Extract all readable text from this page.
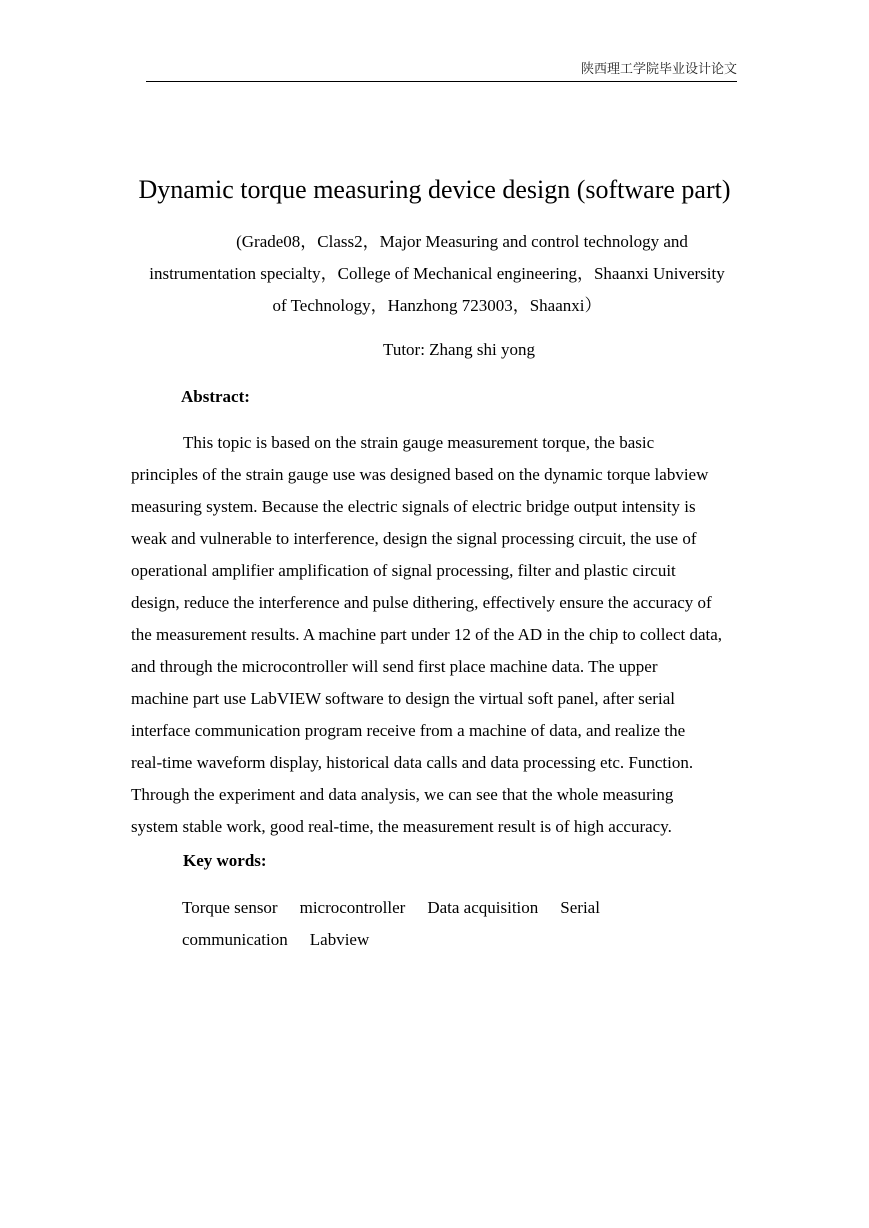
陕西理工学院毕业设计论文
Dynamic torque measuring device design (software part)
(Grade08，Class2，Major Measuring and control technology and
instrumentation specialty，College of Mechanical engineering，Shaanxi University
of Technology，Hanzhong 723003，Shaanxi）
Tutor: Zhang shi yong
Abstract:
This topic is based on the strain gauge measurement torque, the basic
principles of the strain gauge use was designed based on the dynamic torque labview
measuring system. Because the electric signals of electric bridge output intensity is
weak and vulnerable to interference, design the signal processing circuit, the use of
operational amplifier amplification of signal processing, filter and plastic circuit
design, reduce the interference and pulse dithering, effectively ensure the accuracy of
the measurement results. A machine part under 12 of the AD in the chip to collect data,
and through the microcontroller will send first place machine data. The upper
machine part use LabVIEW software to design the virtual soft panel, after serial
interface communication program receive from a machine of data, and realize the
real-time waveform display, historical data calls and data processing etc. Function.
Through the experiment and data analysis, we can see that the whole measuring
system stable work, good real-time, the measurement result is of high accuracy.
Key words:
Torque sensor microcontroller Data acquisition Serial
communication Labview
